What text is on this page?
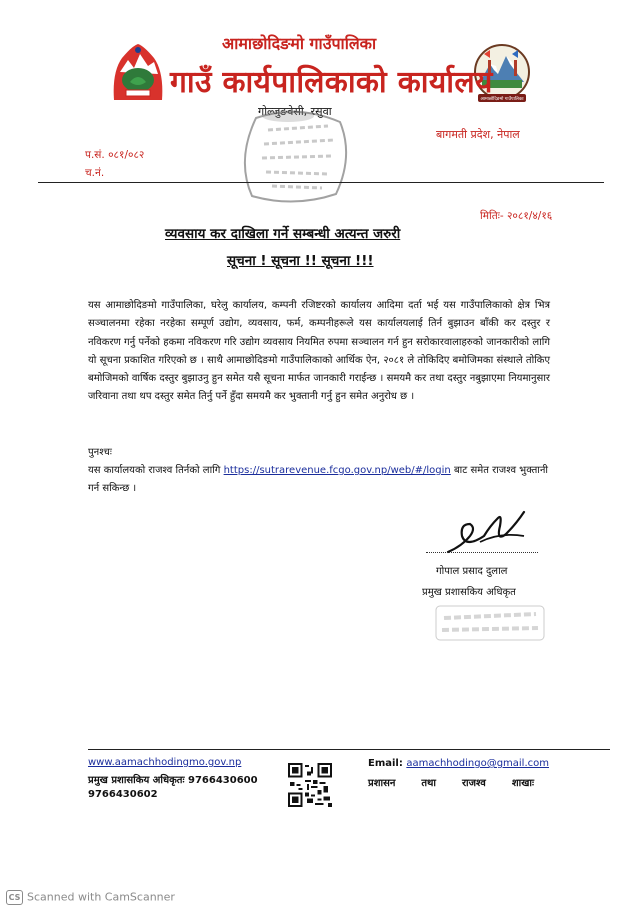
आमाछोदिङमो गाउँपालिका
आमाछोदिङमो गाउँपालिका
गाउँ कार्यपालिकाको कार्यालय
गोल्जुङवेसी, रसुवा
बागमती प्रदेश, नेपाल
प.सं. ०८१/०८२
च.नं.
मितिः- २०८१/४/१६
व्यवसाय कर दाखिला गर्ने सम्बन्धी अत्यन्त जरुरी
सूचना ! सूचना !! सूचना !!!
यस आमाछोदिङमो गाउँपालिका, घरेलु कार्यालय, कम्पनी रजिष्टरको कार्यालय आदिमा दर्ता भई यस गाउँपालिकाको क्षेत्र भित्र सञ्चालनमा रहेका नरहेका सम्पूर्ण उद्योग, व्यवसाय, फर्म, कम्पनीहरूले यस कार्यालयलाई तिर्न बुझाउन बाँकी कर दस्तुर र नविकरण गर्नु पर्नेको हकमा नविकरण गरि उद्योग व्यवसाय नियमित रुपमा सञ्चालन गर्न हुन सरोकारवालाहरुको जानकारीको लागि यो सूचना प्रकाशित गरिएको छ । साथै आमाछोदिङमो गाउँपालिकाको आर्थिक ऐन, २०८१ ले तोकिदिए बमोजिमका संस्थाले तोकिए बमोजिमको वार्षिक दस्तुर बुझाउनु हुन समेत यसै सूचना मार्फत जानकारी गराईन्छ । समयमै कर तथा दस्तुर नबुझाएमा नियमानुसार जरिवाना तथा थप दस्तुर समेत तिर्नु पर्ने हुँदा समयमै कर भुक्तानी गर्नु हुन समेत अनुरोध छ ।
पुनश्चः
यस कार्यालयको राजश्व तिर्नको लागि https://sutrarevenue.fcgo.gov.np/web/#/login बाट समेत राजश्व भुक्तानी गर्न सकिन्छ ।
गोपाल प्रसाद दुलाल
प्रमुख प्रशासकिय अधिकृत
www.aamachhodingmo.gov.np
प्रमुख प्रशासकिय अधिकृतः 9766430600
9766430602
Email: aamachhodingo@gmail.com
प्रशासन तथा राजश्व शाखाः
CS Scanned with CamScanner
